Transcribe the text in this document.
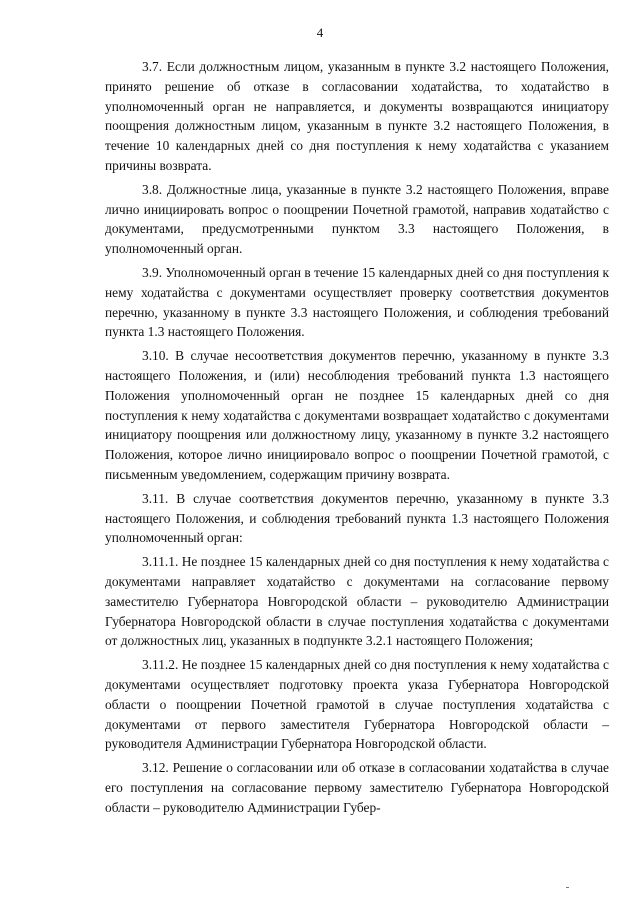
4

3.7. Если должностным лицом, указанным в пункте 3.2 настоящего Положения, принято решение об отказе в согласовании ходатайства, то ходатайство в уполномоченный орган не направляется, и документы возвращаются инициатору поощрения должностным лицом, указанным в пункте 3.2 настоящего Положения, в течение 10 календарных дней со дня поступления к нему ходатайства с указанием причины возврата.

3.8. Должностные лица, указанные в пункте 3.2 настоящего Положения, вправе лично инициировать вопрос о поощрении Почетной грамотой, направив ходатайство с документами, предусмотренными пунктом 3.3 настоящего Положения, в уполномоченный орган.

3.9. Уполномоченный орган в течение 15 календарных дней со дня поступления к нему ходатайства с документами осуществляет проверку соответствия документов перечню, указанному в пункте 3.3 настоящего Положения, и соблюдения требований пункта 1.3 настоящего Положения.

3.10. В случае несоответствия документов перечню, указанному в пункте 3.3 настоящего Положения, и (или) несоблюдения требований пункта 1.3 настоящего Положения уполномоченный орган не позднее 15 календарных дней со дня поступления к нему ходатайства с документами возвращает ходатайство с документами инициатору поощрения или должностному лицу, указанному в пункте 3.2 настоящего Положения, которое лично инициировало вопрос о поощрении Почетной грамотой, с письменным уведомлением, содержащим причину возврата.

3.11. В случае соответствия документов перечню, указанному в пункте 3.3 настоящего Положения, и соблюдения требований пункта 1.3 настоящего Положения уполномоченный орган:

3.11.1. Не позднее 15 календарных дней со дня поступления к нему ходатайства с документами направляет ходатайство с документами на согласование первому заместителю Губернатора Новгородской области – руководителю Администрации Губернатора Новгородской области в случае поступления ходатайства с документами от должностных лиц, указанных в подпункте 3.2.1 настоящего Положения;

3.11.2. Не позднее 15 календарных дней со дня поступления к нему ходатайства с документами осуществляет подготовку проекта указа Губернатора Новгородской области о поощрении Почетной грамотой в случае поступления ходатайства с документами от первого заместителя Губернатора Новгородской области – руководителя Администрации Губернатора Новгородской области.

3.12. Решение о согласовании или об отказе в согласовании ходатайства в случае его поступления на согласование первому заместителю Губернатора Новгородской области – руководителю Администрации Губер-
